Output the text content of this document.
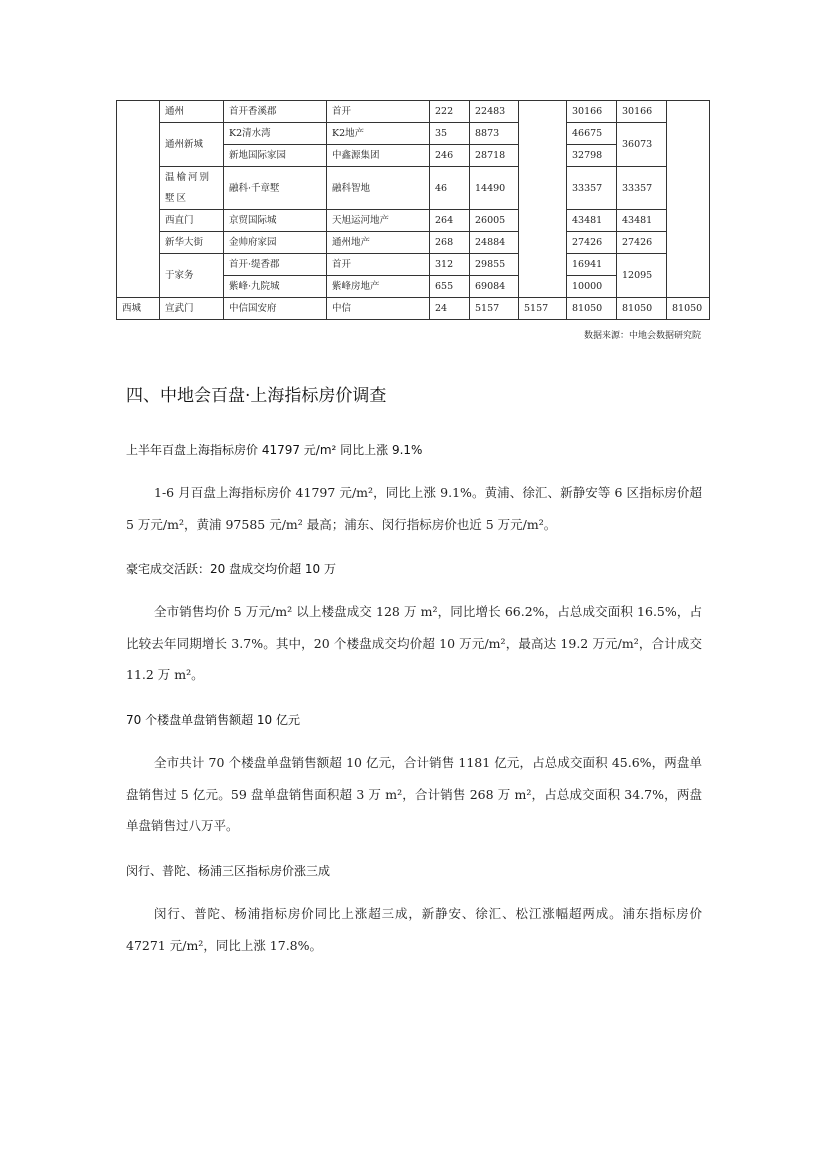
	通州	首开香溪郡	首开	222	22483		30166	30166	
	通州新城	K2清水湾	K2地产	35	8873		46675	36073	
		新地国际家园	中鑫源集团	246	28718		32798		
	温榆河别墅区	融科·千章墅	融科智地	46	14490		33357	33357	
	西直门	京贸国际城	天旭运河地产	264	26005		43481	43481	
	新华大街	金帅府家园	通州地产	268	24884		27426	27426	
	于家务	首开·缇香郡	首开	312	29855		16941	12095	
		紫峰·九院城	紫峰房地产	655	69084		10000		
西城	宣武门	中信国安府	中信	24	5157	5157	81050	81050	81050
数据来源：中地会数据研究院
四、中地会百盘·上海指标房价调查

上半年百盘上海指标房价 41797 元/m² 同比上涨 9.1%

1-6 月百盘上海指标房价 41797 元/m²，同比上涨 9.1%。黄浦、徐汇、新静安等 6 区指标房价超 5 万元/m²，黄浦 97585 元/m² 最高；浦东、闵行指标房价也近 5 万元/m²。

豪宅成交活跃：20 盘成交均价超 10 万

全市销售均价 5 万元/m² 以上楼盘成交 128 万 m²，同比增长 66.2%，占总成交面积 16.5%，占比较去年同期增长 3.7%。其中，20 个楼盘成交均价超 10 万元/m²，最高达 19.2 万元/m²，合计成交 11.2 万 m²。

70 个楼盘单盘销售额超 10 亿元

全市共计 70 个楼盘单盘销售额超 10 亿元，合计销售 1181 亿元，占总成交面积 45.6%，两盘单盘销售过 5 亿元。59 盘单盘销售面积超 3 万 m²，合计销售 268 万 m²，占总成交面积 34.7%，两盘单盘销售过八万平。

闵行、普陀、杨浦三区指标房价涨三成

闵行、普陀、杨浦指标房价同比上涨超三成，新静安、徐汇、松江涨幅超两成。浦东指标房价 47271 元/m²，同比上涨 17.8%。
